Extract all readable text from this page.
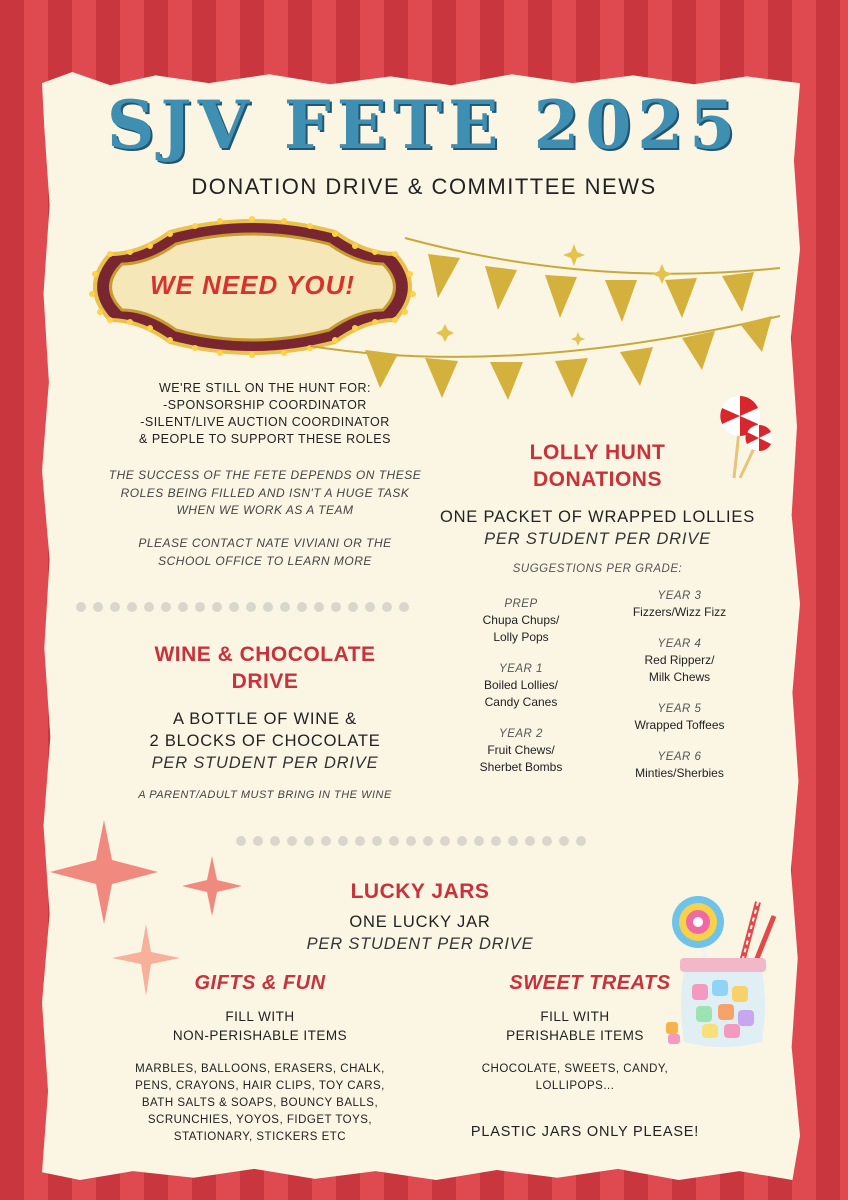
SJV FETE 2025
DONATION DRIVE & COMMITTEE NEWS
WE NEED YOU!
WE'RE STILL ON THE HUNT FOR:
-SPONSORSHIP COORDINATOR
-SILENT/LIVE AUCTION COORDINATOR
& PEOPLE TO SUPPORT THESE ROLES
THE SUCCESS OF THE FETE DEPENDS ON THESE
ROLES BEING FILLED AND ISN'T A HUGE TASK
WHEN WE WORK AS A TEAM
PLEASE CONTACT NATE VIVIANI OR THE
SCHOOL OFFICE TO LEARN MORE
WINE & CHOCOLATE
DRIVE
A BOTTLE OF WINE &
2 BLOCKS OF CHOCOLATE
PER STUDENT PER DRIVE
A PARENT/ADULT MUST BRING IN THE WINE
LOLLY HUNT
DONATIONS
ONE PACKET OF WRAPPED LOLLIES
PER STUDENT PER DRIVE
SUGGESTIONS PER GRADE:
PREP
Chupa Chups/
Lolly Pops
YEAR 1
Boiled Lollies/
Candy Canes
YEAR 2
Fruit Chews/
Sherbet Bombs
YEAR 3
Fizzers/Wizz Fizz
YEAR 4
Red Ripperz/
Milk Chews
YEAR 5
Wrapped Toffees
YEAR 6
Minties/Sherbies
LUCKY JARS
ONE LUCKY JAR
PER STUDENT PER DRIVE
GIFTS & FUN
FILL WITH
NON-PERISHABLE ITEMS
MARBLES, BALLOONS, ERASERS, CHALK,
PENS, CRAYONS, HAIR CLIPS, TOY CARS,
BATH SALTS & SOAPS, BOUNCY BALLS,
SCRUNCHIES, YOYOS, FIDGET TOYS,
STATIONARY, STICKERS ETC
SWEET TREATS
FILL WITH
PERISHABLE ITEMS
CHOCOLATE, SWEETS, CANDY,
LOLLIPOPS...
PLASTIC JARS ONLY PLEASE!
